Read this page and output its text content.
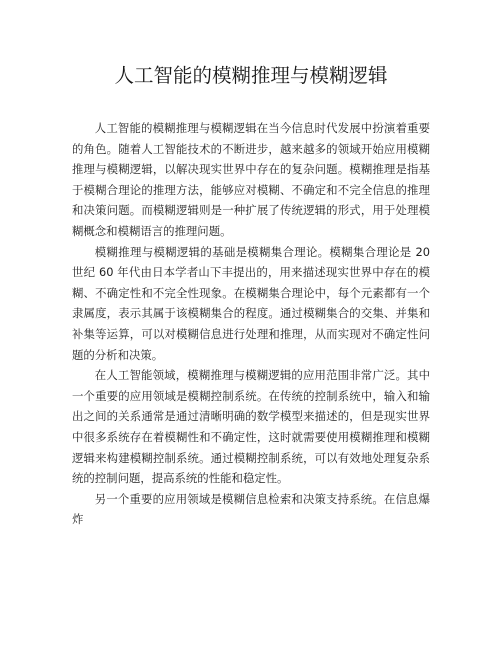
人工智能的模糊推理与模糊逻辑

人工智能的模糊推理与模糊逻辑在当今信息时代发展中扮演着重要的角色。随着人工智能技术的不断进步，越来越多的领域开始应用模糊推理与模糊逻辑，以解决现实世界中存在的复杂问题。模糊推理是指基于模糊合理论的推理方法，能够应对模糊、不确定和不完全信息的推理和决策问题。而模糊逻辑则是一种扩展了传统逻辑的形式，用于处理模糊概念和模糊语言的推理问题。

模糊推理与模糊逻辑的基础是模糊集合理论。模糊集合理论是 20 世纪 60 年代由日本学者山下丰提出的，用来描述现实世界中存在的模糊、不确定性和不完全性现象。在模糊集合理论中，每个元素都有一个隶属度，表示其属于该模糊集合的程度。通过模糊集合的交集、并集和补集等运算，可以对模糊信息进行处理和推理，从而实现对不确定性问题的分析和决策。

在人工智能领域，模糊推理与模糊逻辑的应用范围非常广泛。其中一个重要的应用领域是模糊控制系统。在传统的控制系统中，输入和输出之间的关系通常是通过清晰明确的数学模型来描述的，但是现实世界中很多系统存在着模糊性和不确定性，这时就需要使用模糊推理和模糊逻辑来构建模糊控制系统。通过模糊控制系统，可以有效地处理复杂系统的控制问题，提高系统的性能和稳定性。

另一个重要的应用领域是模糊信息检索和决策支持系统。在信息爆炸
